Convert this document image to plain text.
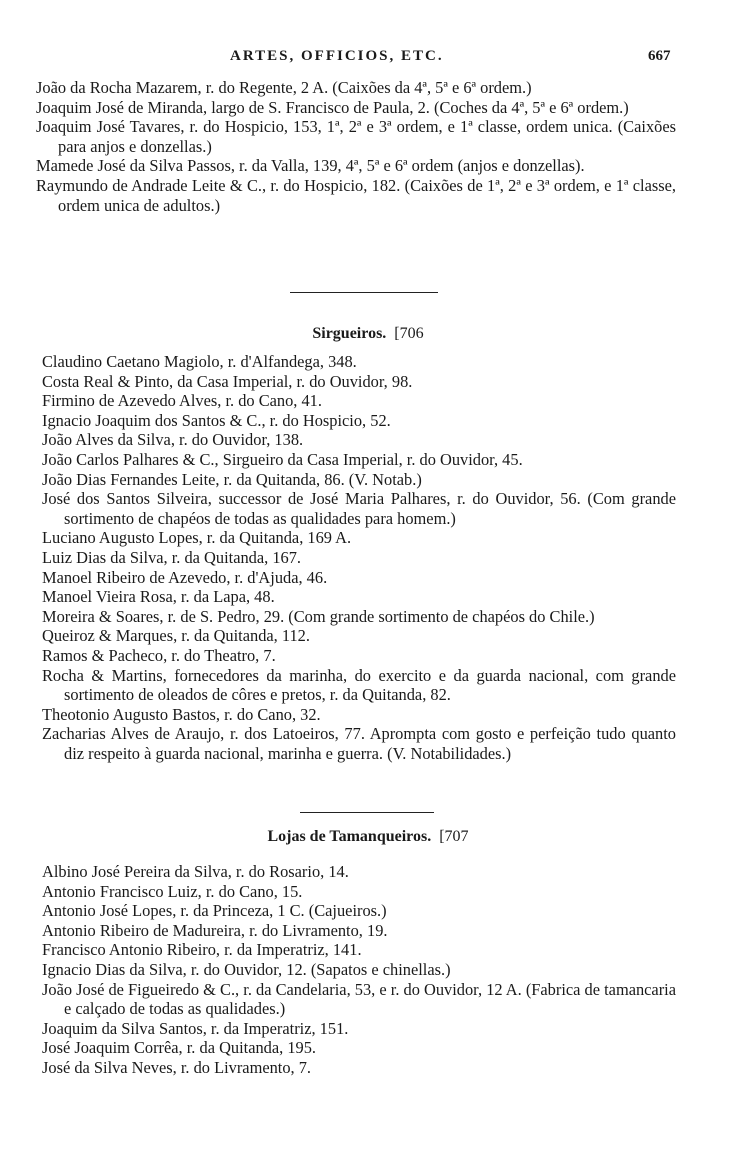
ARTES, OFFICIOS, ETC.	667
João da Rocha Mazarem, r. do Regente, 2 A. (Caixões da 4ª, 5ª e 6ª ordem.)
Joaquim José de Miranda, largo de S. Francisco de Paula, 2. (Coches da 4ª, 5ª e 6ª ordem.)
Joaquim José Tavares, r. do Hospicio, 153, 1ª, 2ª e 3ª ordem, e 1ª classe, ordem unica. (Caixões para anjos e donzellas.)
Mamede José da Silva Passos, r. da Valla, 139, 4ª, 5ª e 6ª ordem (anjos e donzellas).
Raymundo de Andrade Leite & C., r. do Hospicio, 182. (Caixões de 1ª, 2ª e 3ª ordem, e 1ª classe, ordem unica de adultos.)
Sirgueiros. [706
Claudino Caetano Magiolo, r. d'Alfandega, 348.
Costa Real & Pinto, da Casa Imperial, r. do Ouvidor, 98.
Firmino de Azevedo Alves, r. do Cano, 41.
Ignacio Joaquim dos Santos & C., r. do Hospicio, 52.
João Alves da Silva, r. do Ouvidor, 138.
João Carlos Palhares & C., Sirgueiro da Casa Imperial, r. do Ouvidor, 45.
João Dias Fernandes Leite, r. da Quitanda, 86. (V. Notab.)
José dos Santos Silveira, successor de José Maria Palhares, r. do Ouvidor, 56. (Com grande sortimento de chapéos de todas as qualidades para homem.)
Luciano Augusto Lopes, r. da Quitanda, 169 A.
Luiz Dias da Silva, r. da Quitanda, 167.
Manoel Ribeiro de Azevedo, r. d'Ajuda, 46.
Manoel Vieira Rosa, r. da Lapa, 48.
Moreira & Soares, r. de S. Pedro, 29. (Com grande sortimento de chapéos do Chile.)
Queiroz & Marques, r. da Quitanda, 112.
Ramos & Pacheco, r. do Theatro, 7.
Rocha & Martins, fornecedores da marinha, do exercito e da guarda nacional, com grande sortimento de oleados de côres e pretos, r. da Quitanda, 82.
Theotonio Augusto Bastos, r. do Cano, 32.
Zacharias Alves de Araujo, r. dos Latoeiros, 77. Aprompta com gosto e perfeição tudo quanto diz respeito à guarda nacional, marinha e guerra. (V. Notabilidades.)
Lojas de Tamanqueiros. [707
Albino José Pereira da Silva, r. do Rosario, 14.
Antonio Francisco Luiz, r. do Cano, 15.
Antonio José Lopes, r. da Princeza, 1 C. (Cajueiros.)
Antonio Ribeiro de Madureira, r. do Livramento, 19.
Francisco Antonio Ribeiro, r. da Imperatriz, 141.
Ignacio Dias da Silva, r. do Ouvidor, 12. (Sapatos e chinellas.)
João José de Figueiredo & C., r. da Candelaria, 53, e r. do Ouvidor, 12 A. (Fabrica de tamancaria e calçado de todas as qualidades.)
Joaquim da Silva Santos, r. da Imperatriz, 151.
José Joaquim Corrêa, r. da Quitanda, 195.
José da Silva Neves, r. do Livramento, 7.
